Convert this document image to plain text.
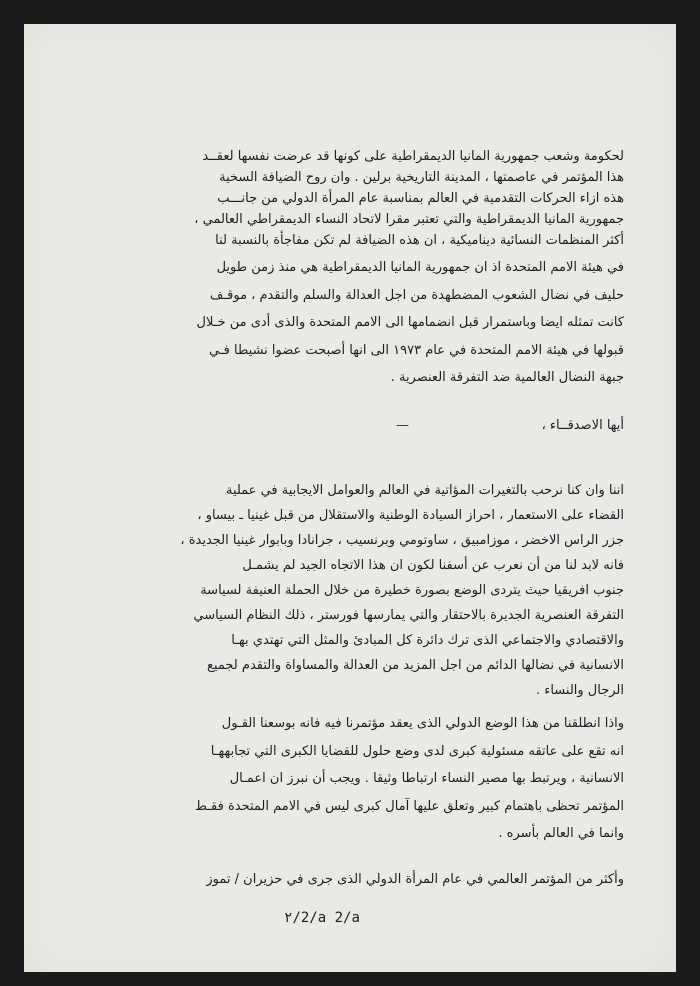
لحكومة وشعب جمهورية المانيا الديمقراطية على كونها قد عرضت نفسها لعقــد
هذا المؤتمر في عاصمتها ، المدينة التاريخية برلين . وان روح الضيافة السخية
هذه ازاء الحركات التقدمية في العالم بمناسبة عام المرأة الدولي من جانـــب
جمهورية المانيا الديمقراطية والتي تعتبر مقرا لاتحاد النساء الديمقراطي العالمي ،
أكثر المنظمات النسائية ديناميكية ، ان هذه الضيافة لم تكن مفاجأة بالنسبة لنا
في هيئة الامم المتحدة اذ ان جمهورية المانيا الديمقراطية هي منذ زمن طويل
حليف في نضال الشعوب المضطهدة من اجل العدالة والسلم والتقدم ، موقـف
كانت تمثله ايضا وباستمرار قبل انضمامها الى الامم المتحدة والذى أدى من خـلال
قبولها في هيئة الامم المتحدة في عام ١٩٧٣ الى انها أصبحت عضوا نشيطا فـي
جبهة النضال العالمية ضد التفرقة العنصرية .
أيها الاصدقــاء ،
—
اننا وان كنا نرحب بالتغيرات المؤاتية في العالم والعوامل الايجابية في عملية
القضاء على الاستعمار ، احراز السيادة الوطنية والاستقلال من قبل غينيا ـ بيساو ،
جزر الراس الاخضر ، موزامبيق ، ساوتومي وبرنسيب ، جرانادا وبابوار غينيا الجديدة ،
فانه لابد لنا من أن نعرب عن أسفنا لكون ان هذا الاتجاه الجيد لم يشمـل
جنوب افريقيا حيث يتردى الوضع بصورة خطيرة من خلال الحملة العنيفة لسياسة
التفرقة العنصرية الجديرة بالاحتقار والتي يمارسها فورستر ، ذلك النظام السياسي
والاقتصادي والاجتماعي الذى ترك دائرة كل المبادئ والمثل التي تهتدي بهـا
الانسانية في نضالها الدائم من اجل المزيد من العدالة والمساواة والتقدم لجميع
الرجال والنساء .
واذا انطلقنا من هذا الوضع الدولي الذى يعقد مؤتمرنا فيه فانه بوسعنا القـول
انه تقع على عاتقه مسئولية كبرى لدى وضع حلول للقضايا الكبرى التي تجابههـا
الانسانية ، ويرتبط بها مصير النساء ارتباطا وثيقا . ويجب أن نبرز ان اعمـال
المؤتمر تحظى باهتمام كبير وتعلق عليها آمال كبرى ليس في الامم المتحدة فقـط
وانما في العالم بأسره .
وأكثر من المؤتمر العالمي في عام المرأة الدولي الذى جرى في حزيران / تموز
٢/2/a 2/a
